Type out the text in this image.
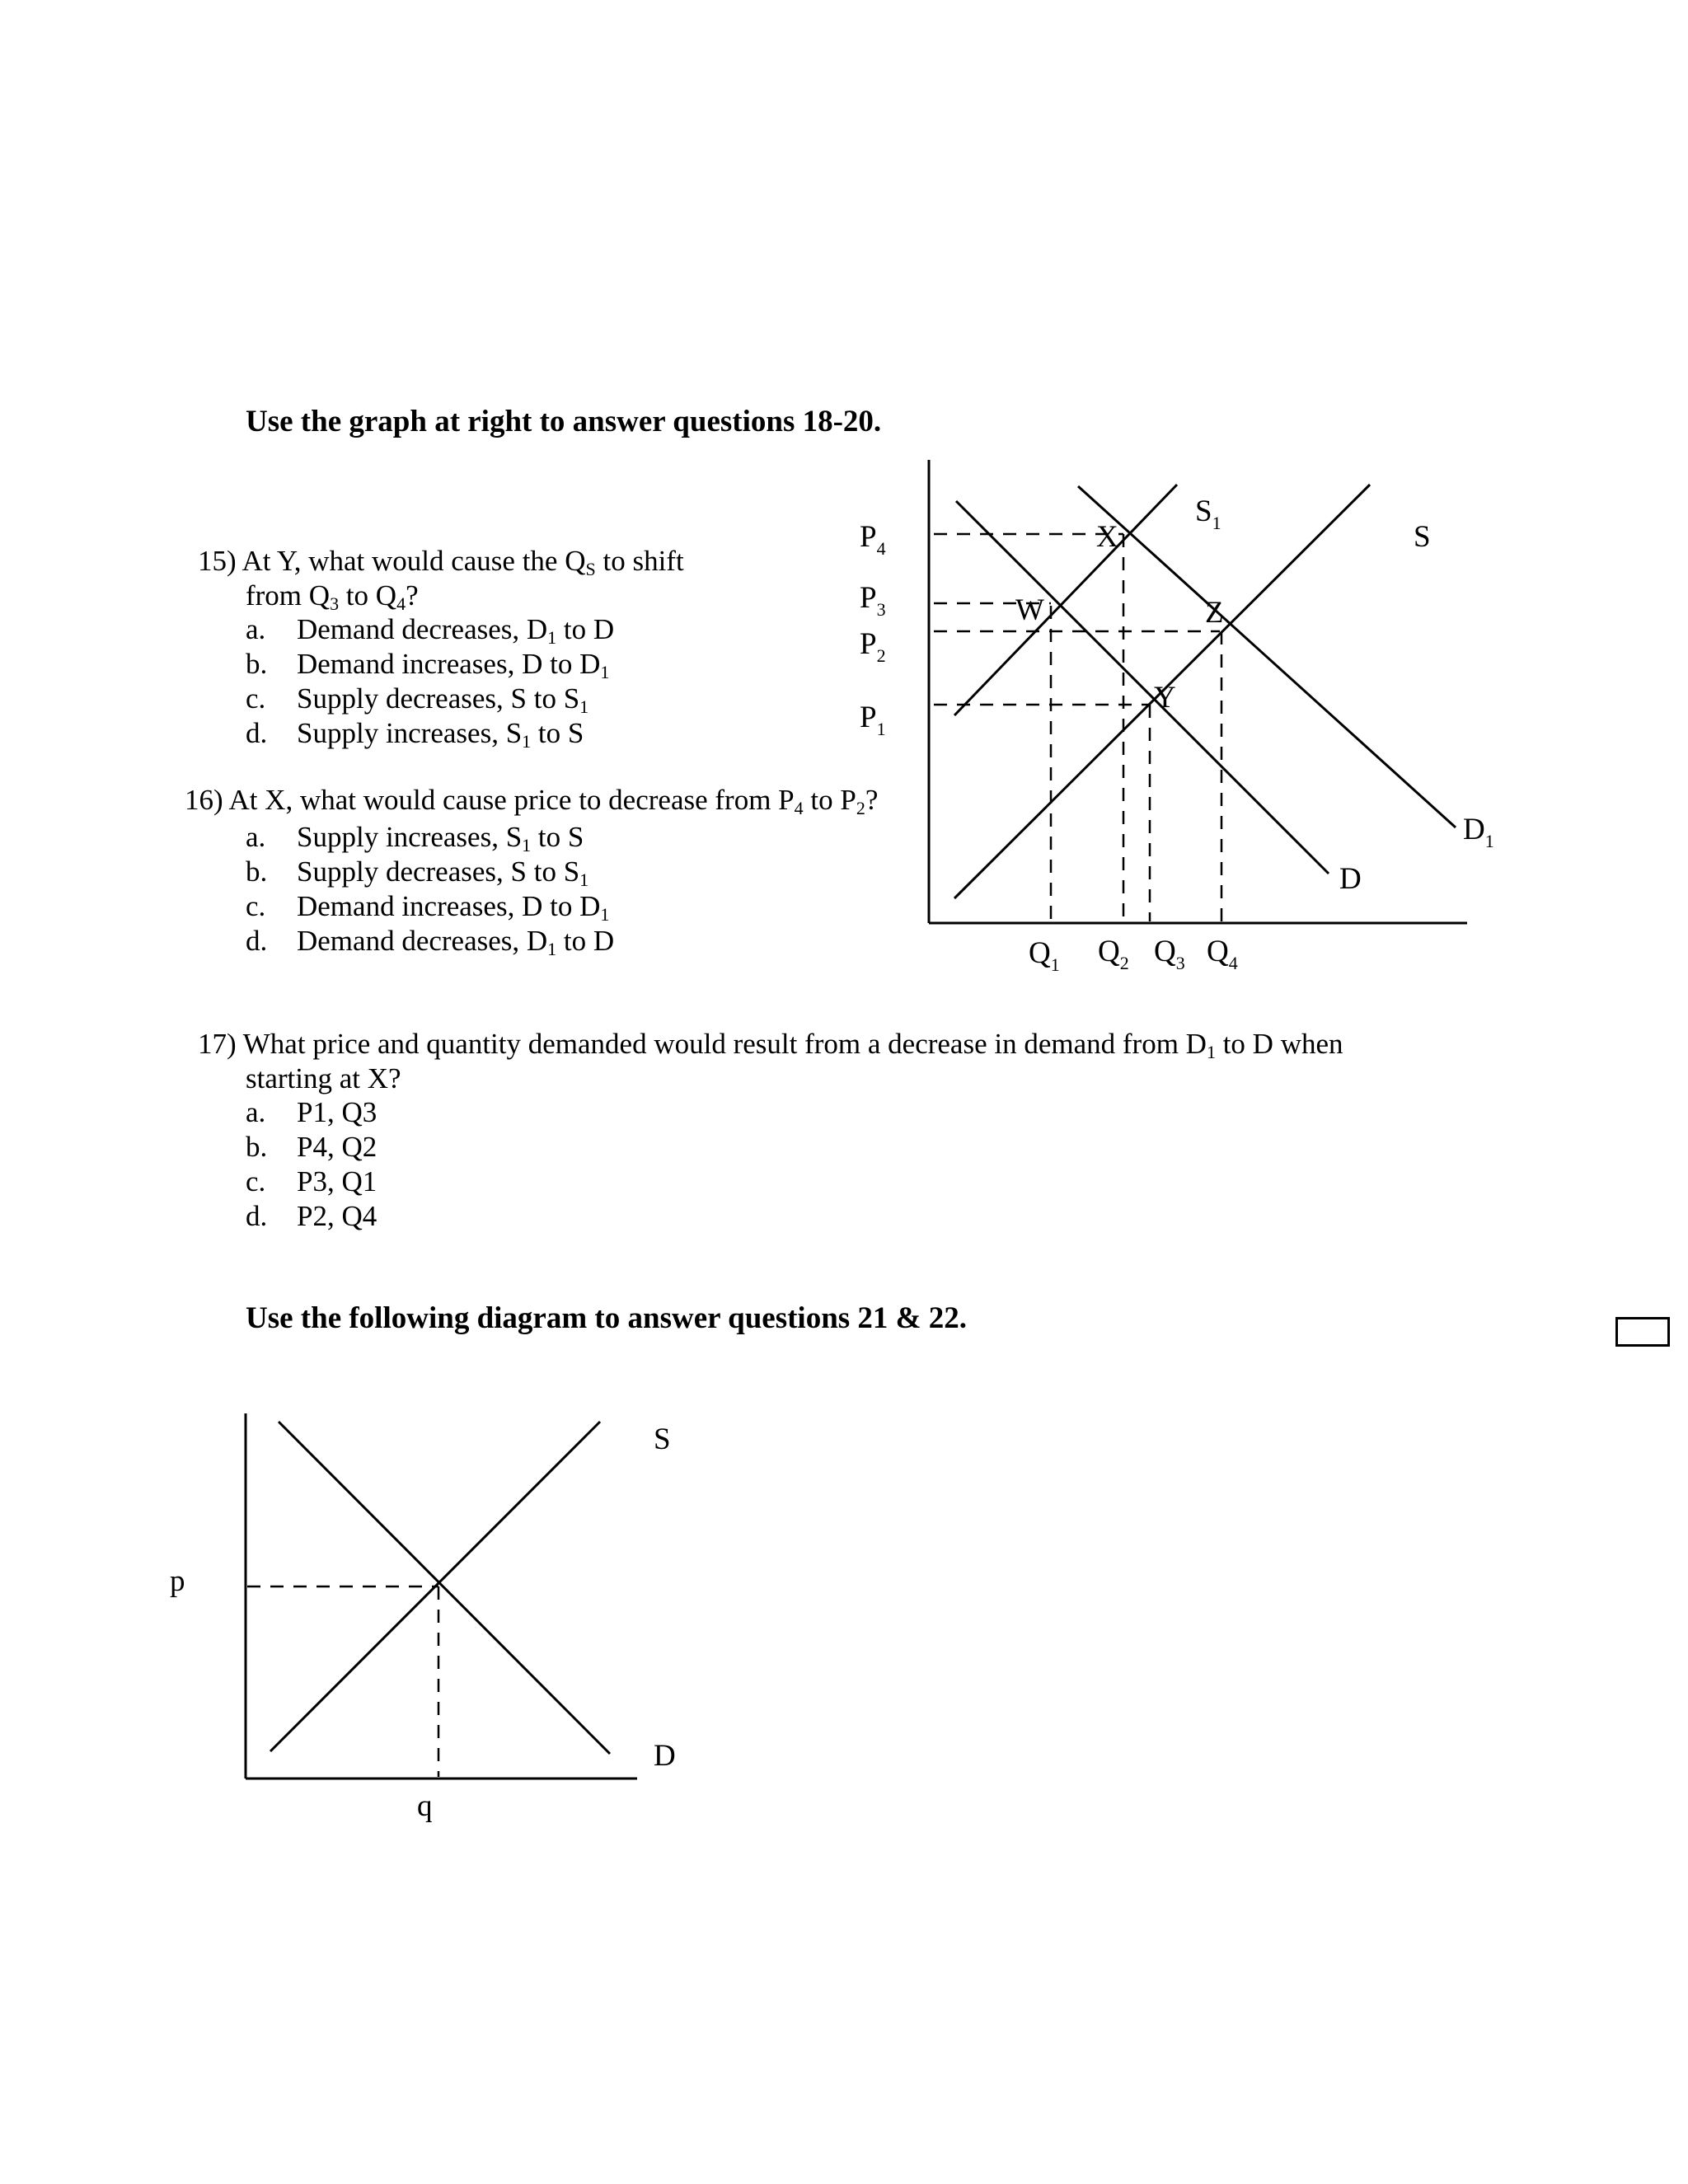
Use the graph at right to answer questions 18-20.
15) At Y, what would cause the $Q_S$ to shift
from $Q_3$ to $Q_4$?
a. Demand decreases, $D_1$ to D
b. Demand increases, D to $D_1$
c. Supply decreases, S to $S_1$
d. Supply increases, $S_1$ to S
16) At X, what would cause price to decrease from $P_4$ to $P_2$?
a. Supply increases, $S_1$ to S
b. Supply decreases, S to $S_1$
c. Demand increases, D to $D_1$
d. Demand decreases, $D_1$ to D
17) What price and quantity demanded would result from a decrease in demand from $D_1$ to D when
starting at X?
a. P1, Q3
b. P4, Q2
c. P3, Q1
d. P2, Q4
Use the following diagram to answer questions 21 & 22.
$P_4$
$P_3$
$P_2$
$P_1$
$Q_1$ $Q_2$ $Q_3$ $Q_4$
X
W	Z
Y
$S_1$	S
$D_1$
D
p
q
S
D
